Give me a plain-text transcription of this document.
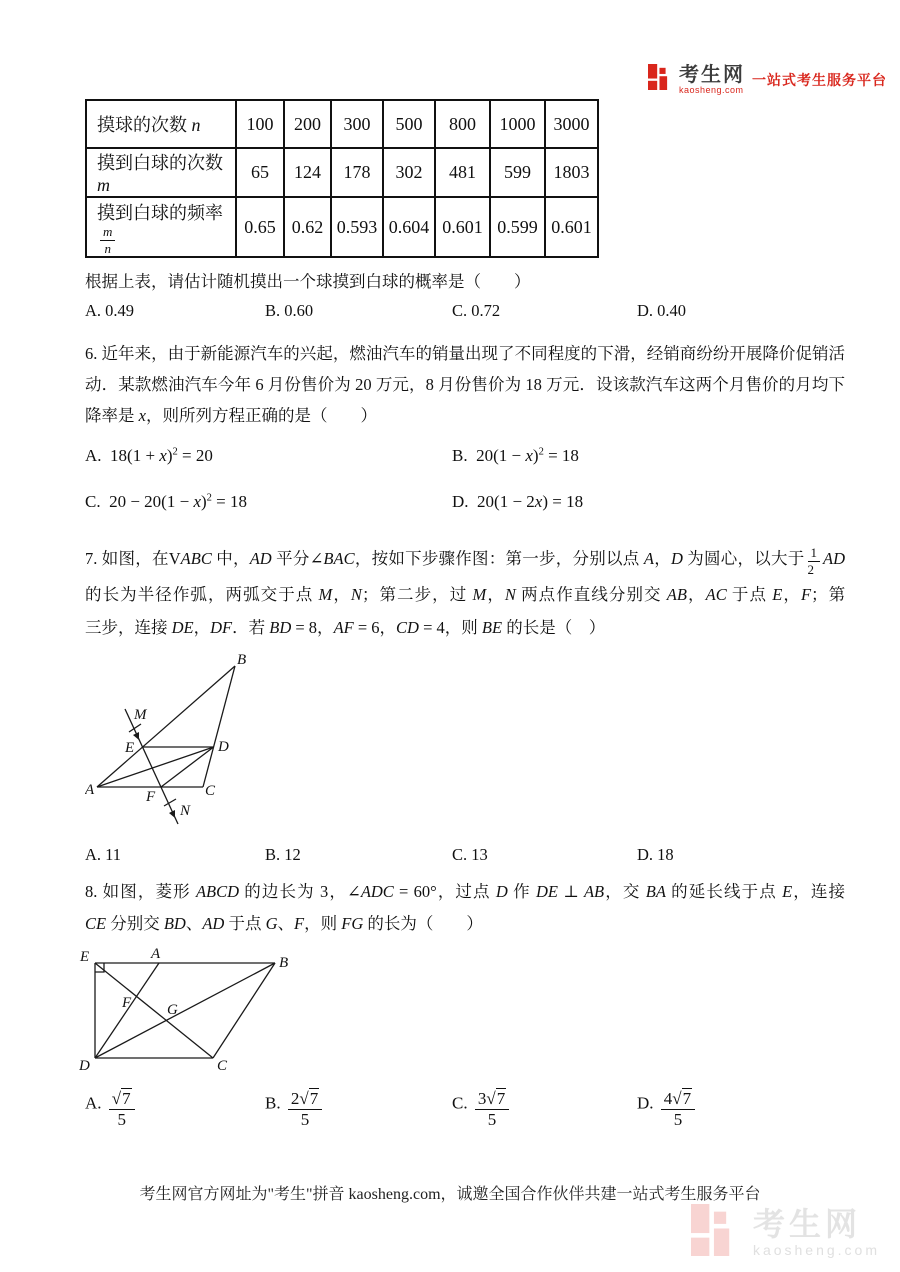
考生网
kaosheng.com
一站式考生服务平台
摸球的次数 n	100	200	300	500	800	1000	3000
摸到白球的次数 m	65	124	178	302	481	599	1803
摸到白球的频率
$\frac{m}{n}$	0.65	0.62	0.593	0.604	0.601	0.599	0.601
根据上表，请估计随机摸出一个球摸到白球的概率是（　　）
A. 0.49	B. 0.60	C. 0.72	D. 0.40
6. 近年来，由于新能源汽车的兴起，燃油汽车的销量出现了不同程度的下滑，经销商纷纷开展降价促销活
动．某款燃油汽车今年 6 月份售价为 20 万元，8 月份售价为 18 万元．设该款汽车这两个月售价的月均下
降率是 x，则所列方程正确的是（　　）
A. $18(1 + x)^2 = 20$	B. $20(1 - x)^2 = 18$
C. $20 - 20(1 - x)^2 = 18$	D. 20(1 − 2x) = 18
7. 如图，在VABC 中，AD 平分∠BAC，按如下步骤作图：第一步，分别以点 A，D 为圆心，以大于 $\frac{1}{2}$ AD
的长为半径作弧，两弧交于点 M，N；第二步，过 M，N 两点作直线分别交 AB，AC 于点 E，F；第
三步，连接 DE，DF．若 BD = 8，AF = 6，CD = 4，则 BE 的长是（　）
A
B
C
D
E
F
M
N
A. 11	B. 12	C. 13	D. 18
8. 如图，菱形 ABCD 的边长为 3，∠ADC = 60°，过点 D 作 DE ⊥ AB，交 BA 的延长线于点 E，连接
CE 分别交 BD、AD 于点 G、F，则 FG 的长为（　　）
A
B
C
D
E
F G
A. $\frac{√7}{5}$	B. $\frac{2√7}{5}$	C. $\frac{3√7}{5}$	D. $\frac{4√7}{5}$
考生网官方网址为"考生"拼音 kaosheng.com，诚邀全国合作伙伴共建一站式考生服务平台
考生网
kaosheng.com
